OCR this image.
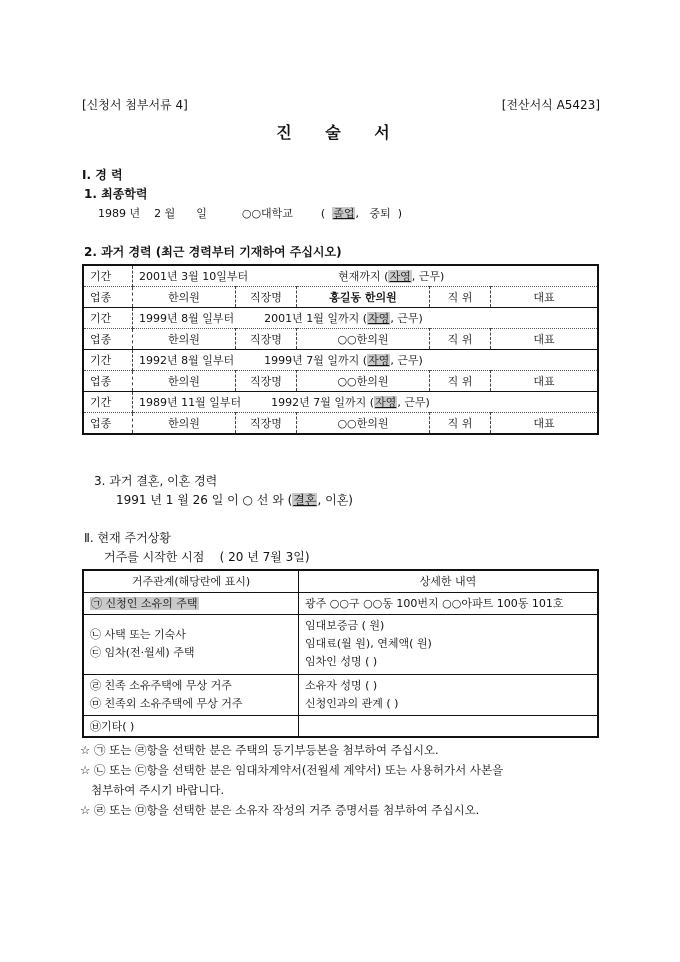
[신청서 첨부서류 4]	[전산서식 A5423]
진 술 서
Ⅰ. 경 력
1. 최종학력
1989 년 2 월 일	○○대학교	( 졸업, 중퇴 )
2. 과거 경력 (최근 경력부터 기재하여 주십시오)
기간	2001년 3월 10일부터 현재까지 (자영, 근무)				
업종	한의원	직장명	홍길동 한의원	직 위	대표
기간	1999년 8월 일부터 2001년 1월 일까지 (자영, 근무)				
업종	한의원	직장명	○○한의원	직 위	대표
기간	1992년 8월 일부터 1999년 7월 일까지 (자영, 근무)				
업종	한의원	직장명	○○한의원	직 위	대표
기간	1989년 11월 일부터 1992년 7월 일까지 (자영, 근무)				
업종	한의원	직장명	○○한의원	직 위	대표
3. 과거 결혼, 이혼 경력
1991 년 1 월 26 일 이 ○ 선 와 (결혼, 이혼)
Ⅱ. 현재 주거상황
거주를 시작한 시점 ( 20 년 7월 3일)
거주관계(해당란에 표시)	상세한 내역
㉠ 신청인 소유의 주택	광주 ○○구 ○○동 100번지 ○○아파트 100동 101호

㉡ 사택 또는 기숙사
㉢ 임차(전·월세) 주택	임대보증금 ( 원)
임대료(월 원), 연체액( 원)
임차인 성명 ( )

㉣ 친족 소유주택에 무상 거주
㉤ 친족외 소유주택에 무상 거주	소유자 성명 ( )
신청인과의 관계 ( )

㉥기타( )	
☆ ㉠ 또는 ㉣항을 선택한 분은 주택의 등기부등본을 첨부하여 주십시오.
☆ ㉡ 또는 ㉢항을 선택한 분은 임대차계약서(전월세 계약서) 또는 사용허가서 사본을
첨부하여 주시기 바랍니다.
☆ ㉣ 또는 ㉤항을 선택한 분은 소유자 작성의 거주 증명서를 첨부하여 주십시오.
